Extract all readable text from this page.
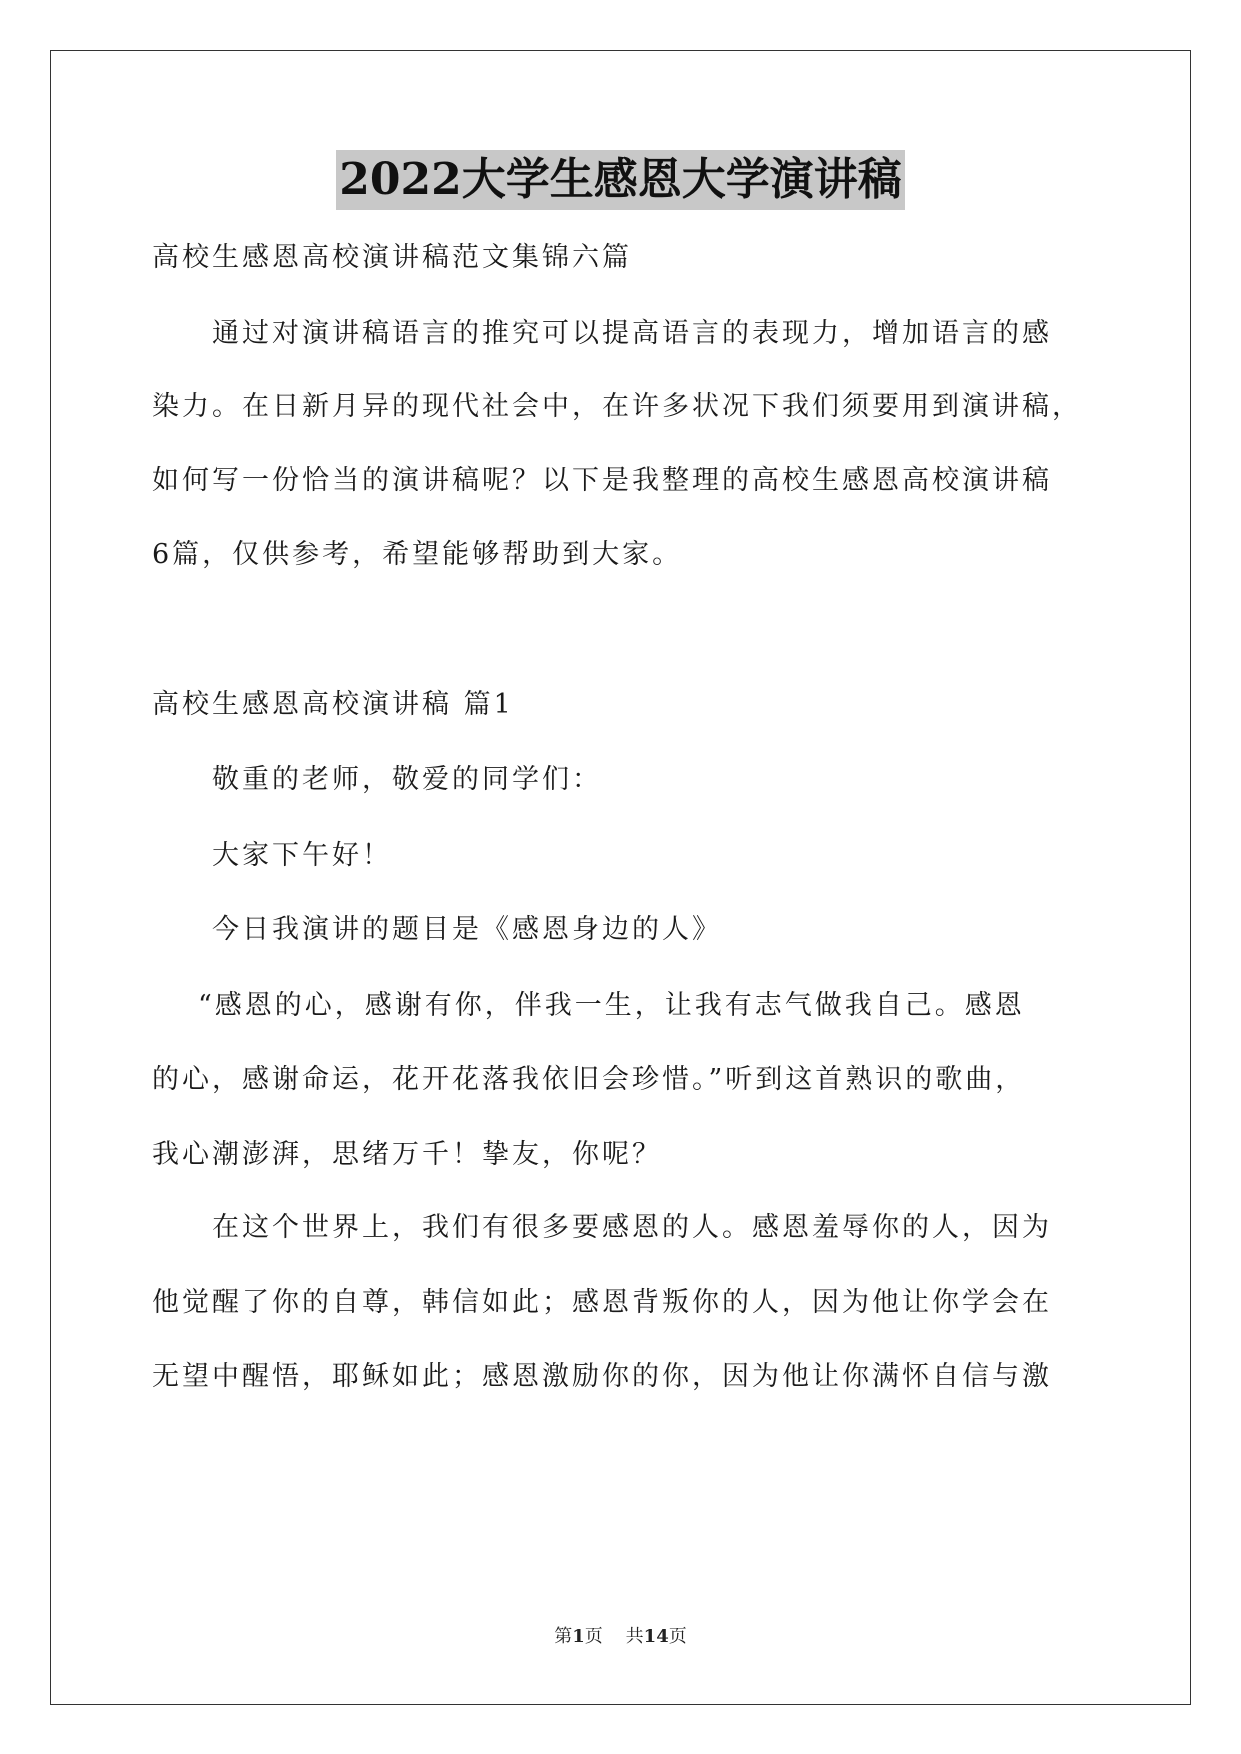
2022大学生感恩大学演讲稿
高校生感恩高校演讲稿范文集锦六篇
通过对演讲稿语言的推究可以提高语言的表现力，增加语言的感
染力。在日新月异的现代社会中，在许多状况下我们须要用到演讲稿，
如何写一份恰当的演讲稿呢？以下是我整理的高校生感恩高校演讲稿
6篇，仅供参考，希望能够帮助到大家。
高校生感恩高校演讲稿 篇1
敬重的老师，敬爱的同学们：
大家下午好！
今日我演讲的题目是《感恩身边的人》
“感恩的心，感谢有你，伴我一生，让我有志气做我自己。感恩
的心，感谢命运，花开花落我依旧会珍惜。”听到这首熟识的歌曲，
我心潮澎湃，思绪万千！挚友，你呢？
在这个世界上，我们有很多要感恩的人。感恩羞辱你的人，因为
他觉醒了你的自尊，韩信如此；感恩背叛你的人，因为他让你学会在
无望中醒悟，耶稣如此；感恩激励你的你，因为他让你满怀自信与激
第1页    共14页
